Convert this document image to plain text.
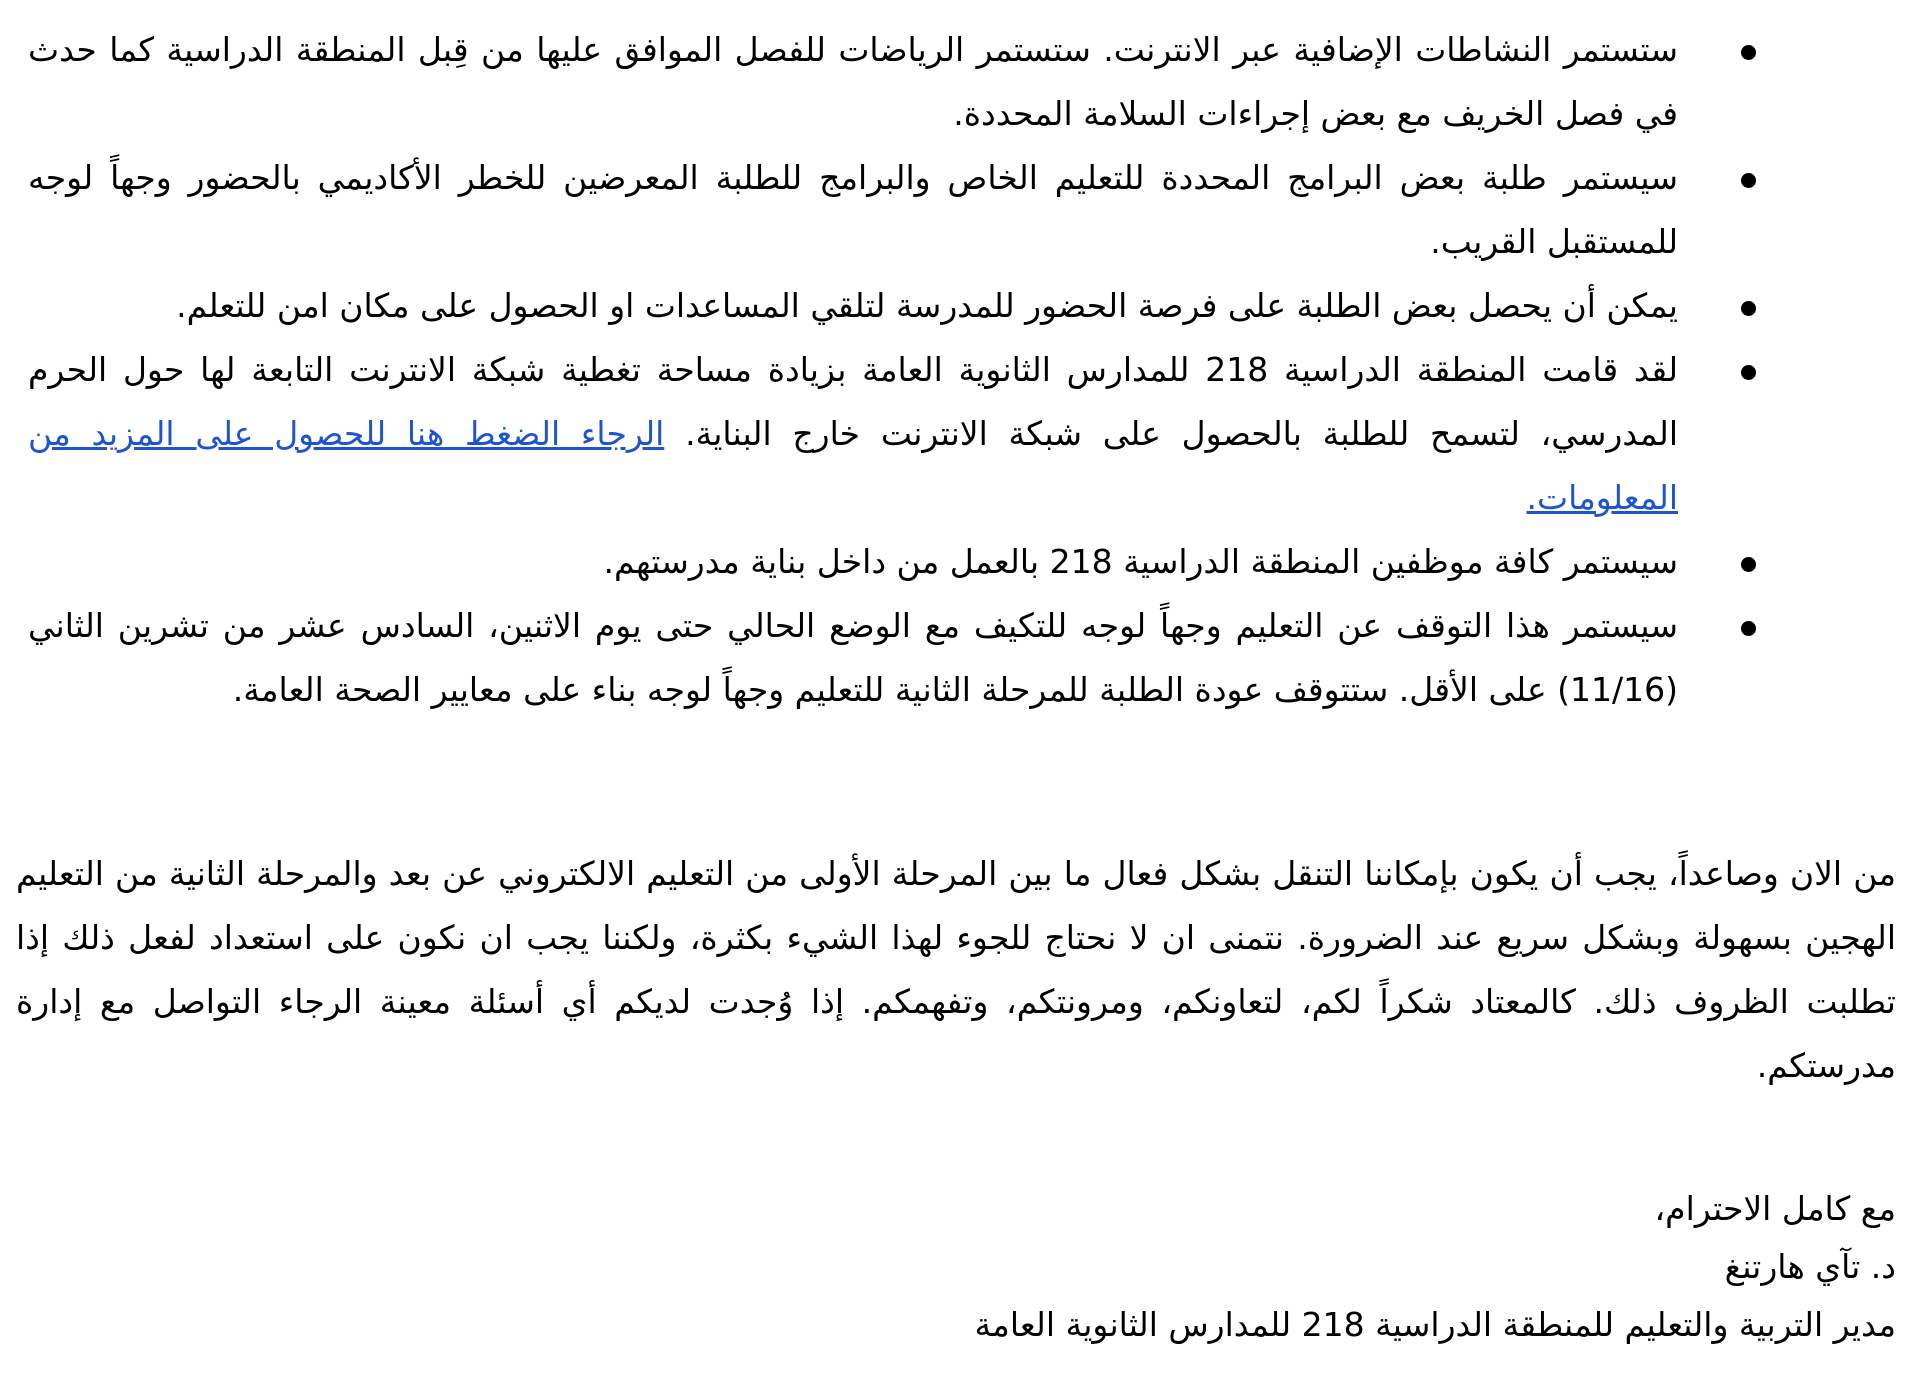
ستستمر النشاطات الإضافية عبر الانترنت. ستستمر الرياضات للفصل الموافق عليها من قِبل المنطقة الدراسية كما حدث في فصل الخريف مع بعض إجراءات السلامة المحددة.
سيستمر طلبة بعض البرامج المحددة للتعليم الخاص والبرامج للطلبة المعرضين للخطر الأكاديمي بالحضور وجهاً لوجه للمستقبل القريب.
يمكن أن يحصل بعض الطلبة على فرصة الحضور للمدرسة لتلقي المساعدات او الحصول على مكان امن للتعلم.
لقد قامت المنطقة الدراسية 218 للمدارس الثانوية العامة بزيادة مساحة تغطية شبكة الانترنت التابعة لها حول الحرم المدرسي، لتسمح للطلبة بالحصول على شبكة الانترنت خارج البناية. الرجاء الضغط هنا للحصول على المزيد من المعلومات.
سيستمر كافة موظفين المنطقة الدراسية 218 بالعمل من داخل بناية مدرستهم.
سيستمر هذا التوقف عن التعليم وجهاً لوجه للتكيف مع الوضع الحالي حتى يوم الاثنين، السادس عشر من تشرين الثاني (11/16) على الأقل. ستتوقف عودة الطلبة للمرحلة الثانية للتعليم وجهاً لوجه بناء على معايير الصحة العامة.

من الان وصاعداً، يجب أن يكون بإمكاننا التنقل بشكل فعال ما بين المرحلة الأولى من التعليم الالكتروني عن بعد والمرحلة الثانية من التعليم الهجين بسهولة وبشكل سريع عند الضرورة. نتمنى ان لا نحتاج للجوء لهذا الشيء بكثرة، ولكننا يجب ان نكون على استعداد لفعل ذلك إذا تطلبت الظروف ذلك. كالمعتاد شكراً لكم، لتعاونكم، ومرونتكم، وتفهمكم. إذا وُجدت لديكم أي أسئلة معينة الرجاء التواصل مع إدارة مدرستكم.

مع كامل الاحترام،
د. تآي هارتنغ
مدير التربية والتعليم للمنطقة الدراسية 218 للمدارس الثانوية العامة
